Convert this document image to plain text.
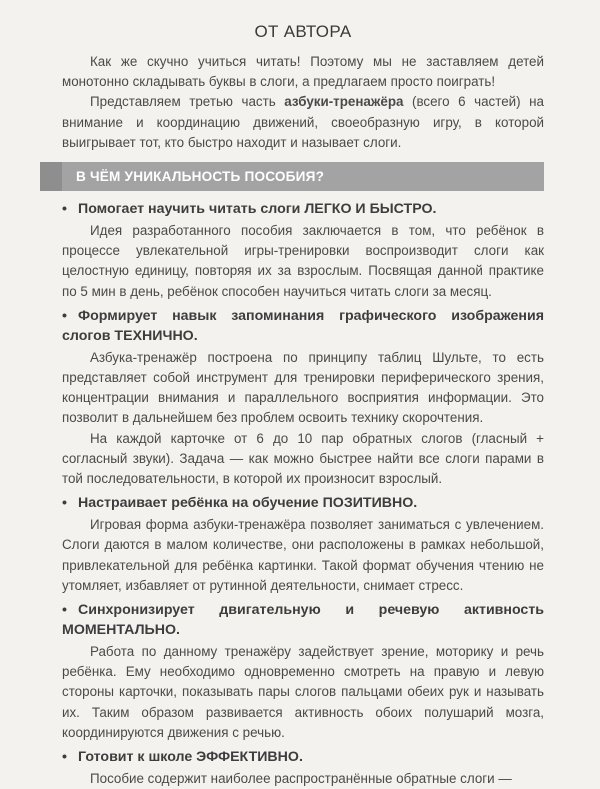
ОТ АВТОРА

Как же скучно учиться читать! Поэтому мы не заставляем детей монотонно складывать буквы в слоги, а предлагаем просто поиграть!

Представляем третью часть азбуки-тренажёра (всего 6 частей) на внимание и координацию движений, своеобразную игру, в которой выигрывает тот, кто быстро находит и называет слоги.

В ЧЁМ УНИКАЛЬНОСТЬ ПОСОБИЯ?
• Помогает научить читать слоги ЛЕГКО И БЫСТРО.

Идея разработанного пособия заключается в том, что ребёнок в процессе увлекательной игры-тренировки воспроизводит слоги как целостную единицу, повторяя их за взрослым. Посвящая данной практике по 5 мин в день, ребёнок способен научиться читать слоги за месяц.

• Формирует навык запоминания графического изображения слогов ТЕХНИЧНО.

Азбука-тренажёр построена по принципу таблиц Шульте, то есть представляет собой инструмент для тренировки периферического зрения, концентрации внимания и параллельного восприятия информации. Это позволит в дальнейшем без проблем освоить технику скорочтения.

На каждой карточке от 6 до 10 пар обратных слогов (гласный + согласный звуки). Задача — как можно быстрее найти все слоги парами в той последовательности, в которой их произносит взрослый.

• Настраивает ребёнка на обучение ПОЗИТИВНО.

Игровая форма азбуки-тренажёра позволяет заниматься с увлечением. Слоги даются в малом количестве, они расположены в рамках небольшой, привлекательной для ребёнка картинки. Такой формат обучения чтению не утомляет, избавляет от рутинной деятельности, снимает стресс.

• Синхронизирует двигательную и речевую активность МОМЕНТАЛЬНО.

Работа по данному тренажёру задействует зрение, моторику и речь ребёнка. Ему необходимо одновременно смотреть на правую и левую стороны карточки, показывать пары слогов пальцами обеих рук и называть их. Таким образом развивается активность обоих полушарий мозга, координируются движения с речью.

• Готовит к школе ЭФФЕКТИВНО.

Пособие содержит наиболее распространённые обратные слоги —
